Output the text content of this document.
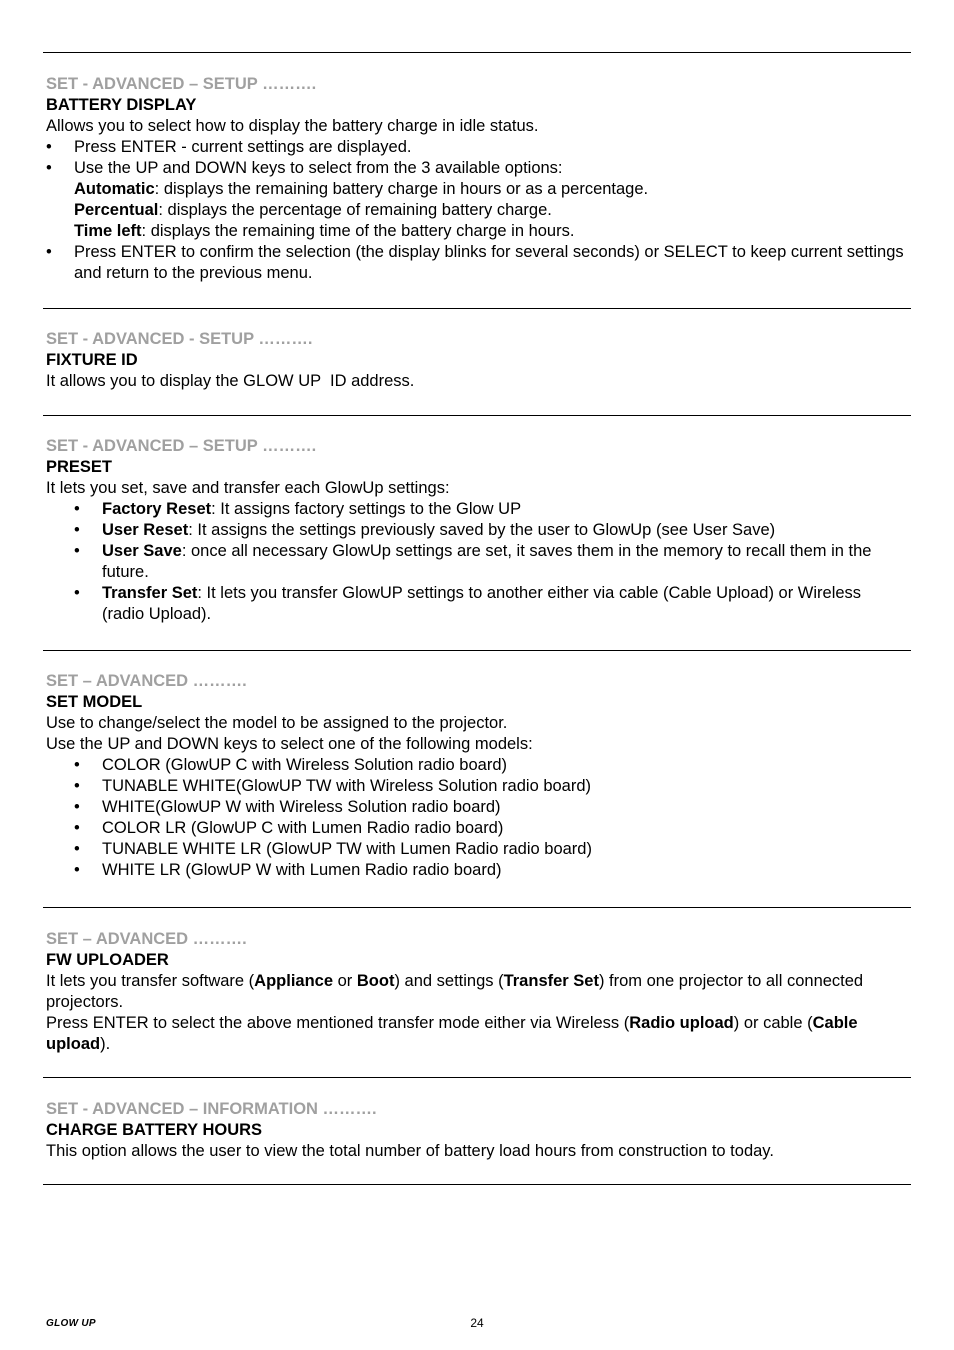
SET - ADVANCED – SETUP ……….
BATTERY DISPLAY

Allows you to select how to display the battery charge in idle status.

• Press ENTER - current settings are displayed.
• Use the UP and DOWN keys to select from the 3 available options:
Automatic: displays the remaining battery charge in hours or as a percentage.
Percentual: displays the percentage of remaining battery charge.
Time left: displays the remaining time of the battery charge in hours.
• Press ENTER to confirm the selection (the display blinks for several seconds) or SELECT to keep current settings and return to the previous menu.
SET - ADVANCED - SETUP ……….
FIXTURE ID

It allows you to display the GLOW UP  ID address.

SET - ADVANCED – SETUP ……….
PRESET

It lets you set, save and transfer each GlowUp settings:

• Factory Reset: It assigns factory settings to the Glow UP
• User Reset: It assigns the settings previously saved by the user to GlowUp (see User Save)
• User Save: once all necessary GlowUp settings are set, it saves them in the memory to recall them in the future.
• Transfer Set: It lets you transfer GlowUP settings to another either via cable (Cable Upload) or Wireless (radio Upload).
SET – ADVANCED ……….
SET MODEL

Use to change/select the model to be assigned to the projector.

Use the UP and DOWN keys to select one of the following models:

• COLOR (GlowUP C with Wireless Solution radio board)
• TUNABLE WHITE(GlowUP TW with Wireless Solution radio board)
• WHITE(GlowUP W with Wireless Solution radio board)
• COLOR LR (GlowUP C with Lumen Radio radio board)
• TUNABLE WHITE LR (GlowUP TW with Lumen Radio radio board)
• WHITE LR (GlowUP W with Lumen Radio radio board)
SET – ADVANCED ……….
FW UPLOADER

It lets you transfer software (Appliance or Boot) and settings (Transfer Set) from one projector to all connected projectors.

Press ENTER to select the above mentioned transfer mode either via Wireless (Radio upload) or cable (Cable upload).

SET - ADVANCED – INFORMATION ……….
CHARGE BATTERY HOURS

This option allows the user to view the total number of battery load hours from construction to today.

24
GLOW UP
